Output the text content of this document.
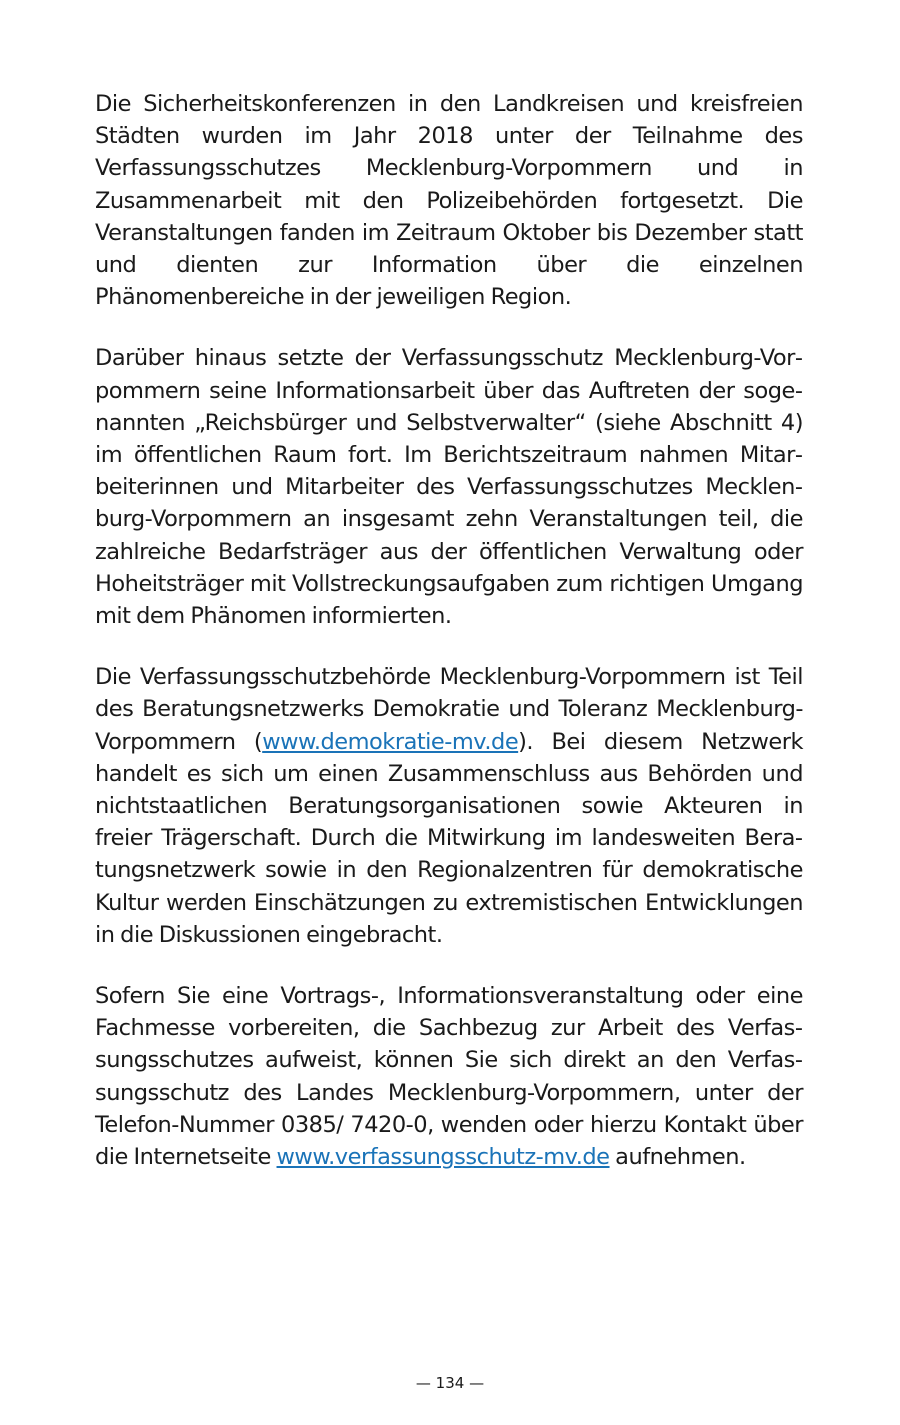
Die Sicherheitskonferenzen in den Landkreisen und kreisfreien Städten wurden im Jahr 2018 unter der Teilnahme des Verfassungsschutzes Mecklenburg-Vorpommern und in Zusammenarbeit mit den Polizeibehörden fortgesetzt. Die Veranstaltungen fanden im Zeitraum Oktober bis Dezember statt und dienten zur Information über die einzelnen Phänomenbereiche in der jeweiligen Region.

Darüber hinaus setzte der Verfassungsschutz Mecklenburg-Vorpommern seine Informationsarbeit über das Auftreten der sogenannten „Reichsbürger und Selbstverwalter“ (siehe Abschnitt 4) im öffentlichen Raum fort. Im Berichtszeitraum nahmen Mitarbeiterinnen und Mitarbeiter des Verfassungsschutzes Mecklenburg-Vorpommern an insgesamt zehn Veranstaltungen teil, die zahlreiche Bedarfsträger aus der öffentlichen Verwaltung oder Hoheitsträger mit Vollstreckungsaufgaben zum richtigen Umgang mit dem Phänomen informierten.

Die Verfassungsschutzbehörde Mecklenburg-Vorpommern ist Teil des Beratungsnetzwerks Demokratie und Toleranz Mecklenburg-Vorpommern (www.demokratie-mv.de). Bei diesem Netzwerk handelt es sich um einen Zusammenschluss aus Behörden und nichtstaatlichen Beratungsorganisationen sowie Akteuren in freier Trägerschaft. Durch die Mitwirkung im landesweiten Beratungsnetzwerk sowie in den Regionalzentren für demokratische Kultur werden Einschätzungen zu extremistischen Entwicklungen in die Diskussionen eingebracht.

Sofern Sie eine Vortrags-, Informationsveranstaltung oder eine Fachmesse vorbereiten, die Sachbezug zur Arbeit des Verfassungsschutzes aufweist, können Sie sich direkt an den Verfassungsschutz des Landes Mecklenburg-Vorpommern, unter der Telefon-Nummer 0385/ 7420-0, wenden oder hierzu Kontakt über die Internetseite www.verfassungsschutz-mv.de aufnehmen.

— 134 —
